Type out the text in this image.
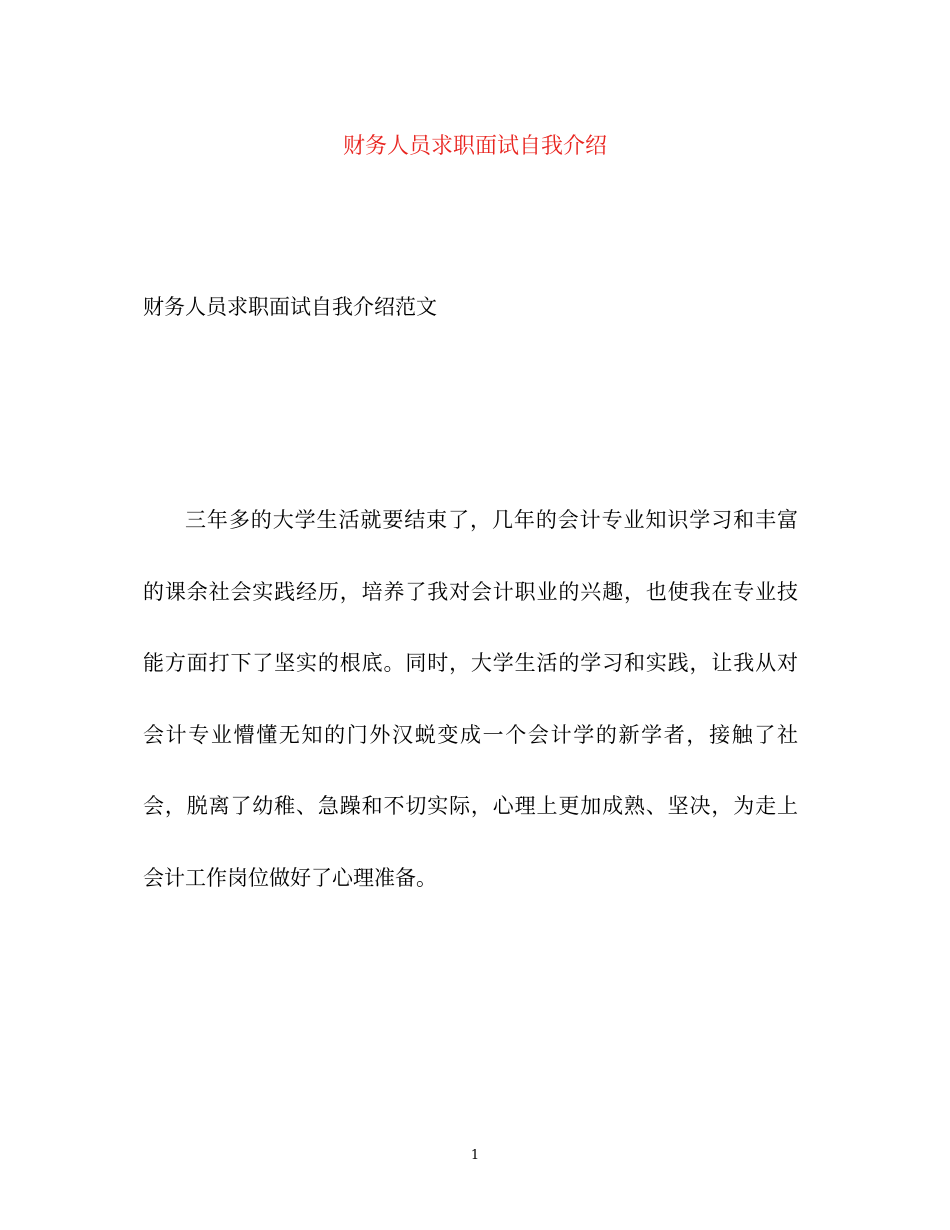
财务人员求职面试自我介绍

财务人员求职面试自我介绍范文

三年多的大学生活就要结束了，几年的会计专业知识学习和丰富
的课余社会实践经历，培养了我对会计职业的兴趣，也使我在专业技
能方面打下了坚实的根底。同时，大学生活的学习和实践，让我从对
会计专业懵懂无知的门外汉蜕变成一个会计学的新学者，接触了社
会，脱离了幼稚、急躁和不切实际，心理上更加成熟、坚决，为走上
会计工作岗位做好了心理准备。

1
